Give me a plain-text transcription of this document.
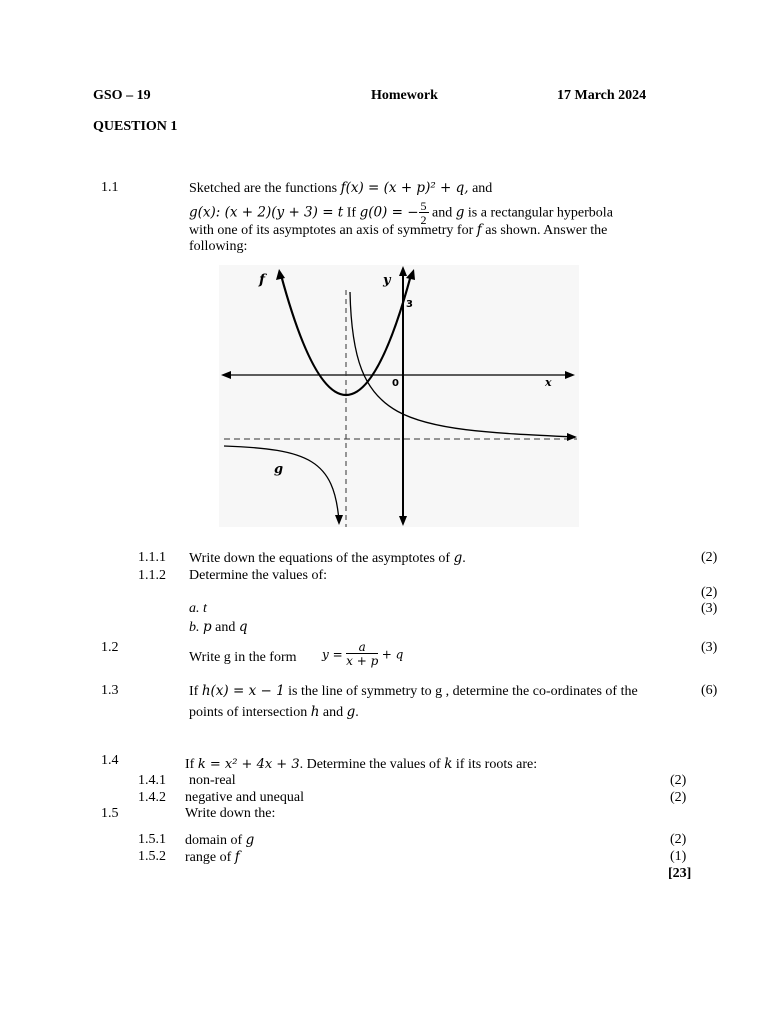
GSO – 19	Homework	17 March 2024
QUESTION 1
1.1	Sketched are the functions f(x) = (x + p)² + q, and
g(x): (x + 2)(y + 3) = t If g(0) = − $\frac{5}{2}$ and g is a rectangular hyperbola
with one of its asymptotes an axis of symmetry for f as shown. Answer the
following:
f	y
3
0	x
g
1.1.1 Write down the equations of the asymptotes of g.	(2)
1.1.2 Determine the values of:
(2)
a. t	(3)
b. p and q
1.2
Write g in the form $y = \frac{a}{x + p} + q$	(3)
1.3	If h(x) = x − 1 is the line of symmetry to g , determine the co-ordinates of the	(6)
points of intersection h and g.
1.4	If k = x² + 4x + 3. Determine the values of k if its roots are:
1.4.1 non-real	(2)
1.4.2 negative and unequal	(2)
1.5	Write down the:
1.5.1 domain of g	(2)
1.5.2 range of f	(1)
[23]
